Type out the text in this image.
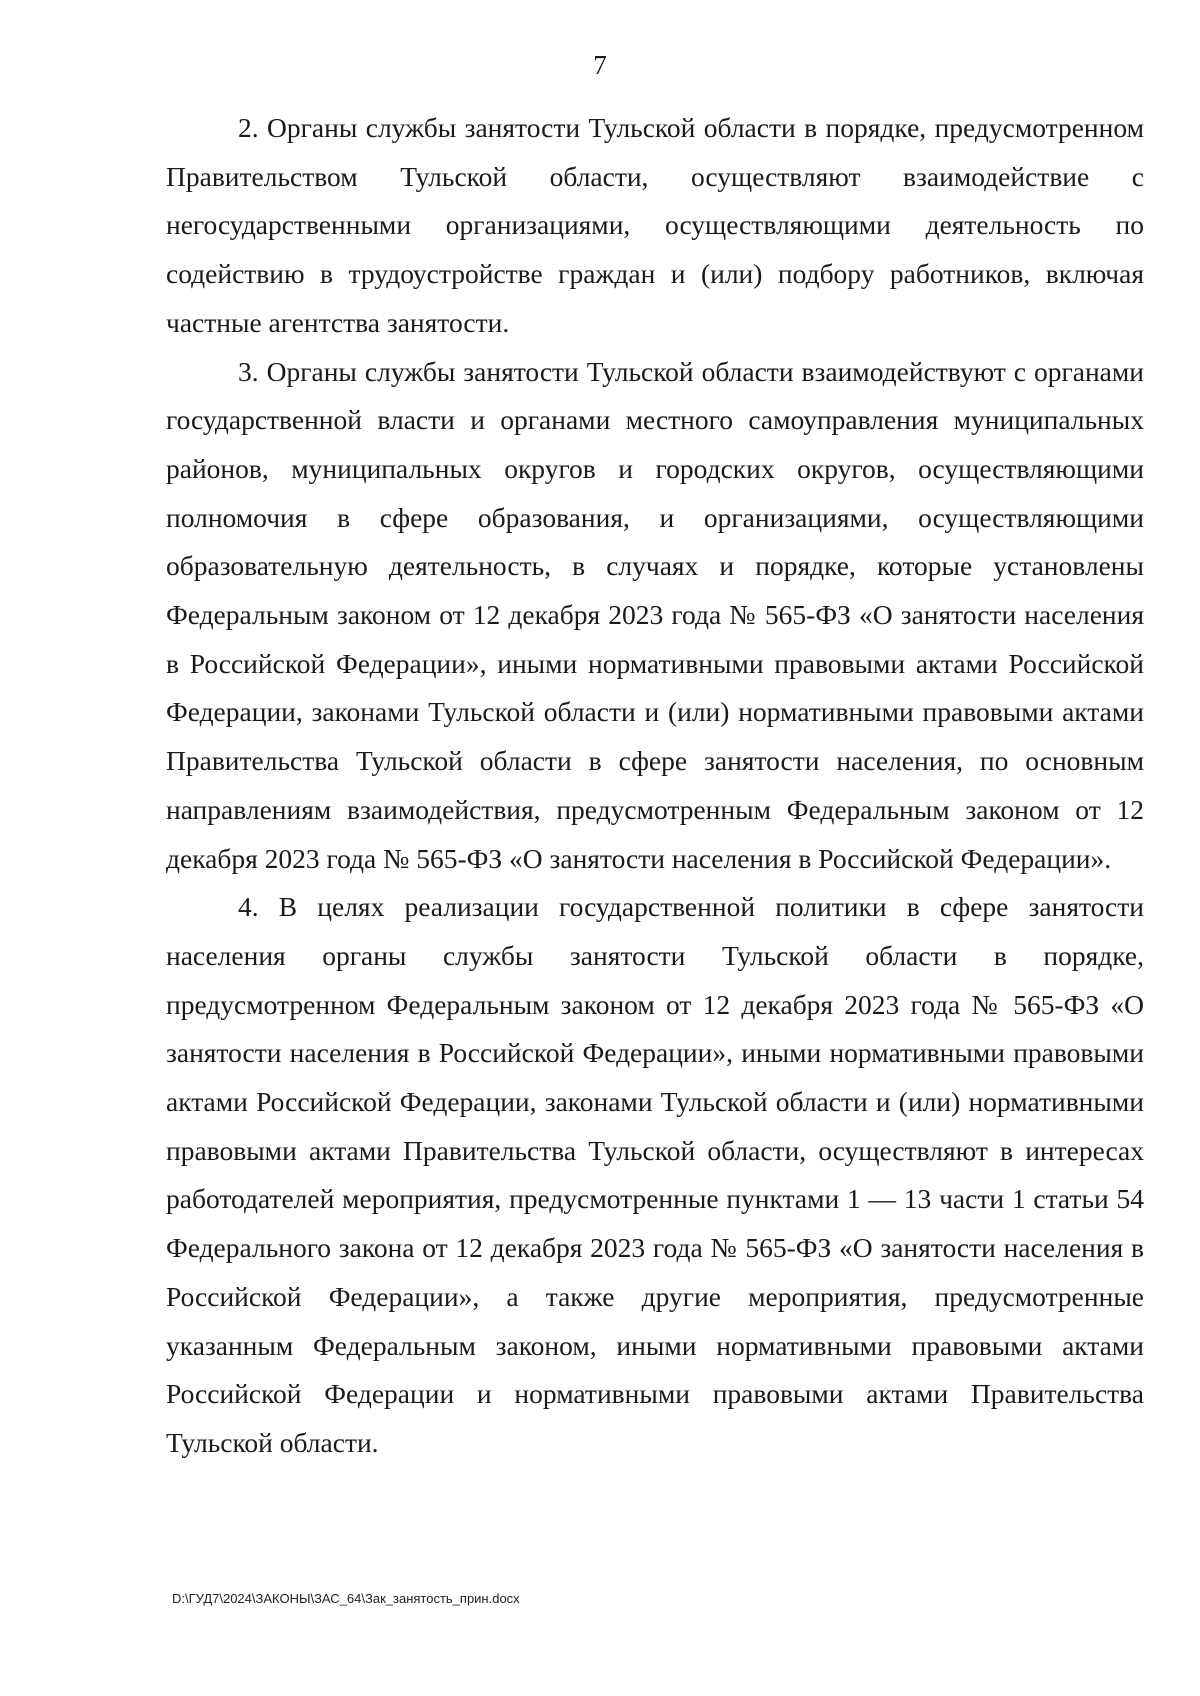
7

2. Органы службы занятости Тульской области в порядке, предусмотренном Правительством Тульской области, осуществляют взаимодействие с негосударственными организациями, осуществляющими деятельность по содействию в трудоустройстве граждан и (или) подбору работников, включая частные агентства занятости.

3. Органы службы занятости Тульской области взаимодействуют с органами государственной власти и органами местного самоуправления муниципальных районов, муниципальных округов и городских округов, осуществляющими полномочия в сфере образования, и организациями, осуществляющими образовательную деятельность, в случаях и порядке, которые установлены Федеральным законом от 12 декабря 2023 года № 565-ФЗ «О занятости населения в Российской Федерации», иными нормативными правовыми актами Российской Федерации, законами Тульской области и (или) нормативными правовыми актами Правительства Тульской области в сфере занятости населения, по основным направлениям взаимодействия, предусмотренным Федеральным законом от 12 декабря 2023 года № 565-ФЗ «О занятости населения в Российской Федерации».

4. В целях реализации государственной политики в сфере занятости населения органы службы занятости Тульской области в порядке, предусмотренном Федеральным законом от 12 декабря 2023 года № 565-ФЗ «О занятости населения в Российской Федерации», иными нормативными правовыми актами Российской Федерации, законами Тульской области и (или) нормативными правовыми актами Правительства Тульской области, осуществляют в интересах работодателей мероприятия, предусмотренные пунктами 1 — 13 части 1 статьи 54 Федерального закона от 12 декабря 2023 года № 565-ФЗ «О занятости населения в Российской Федерации», а также другие мероприятия, предусмотренные указанным Федеральным законом, иными нормативными правовыми актами Российской Федерации и нормативными правовыми актами Правительства Тульской области.

D:\ГУД7\2024\ЗАКОНЫ\ЗАС_64\Зак_занятость_прин.docx
